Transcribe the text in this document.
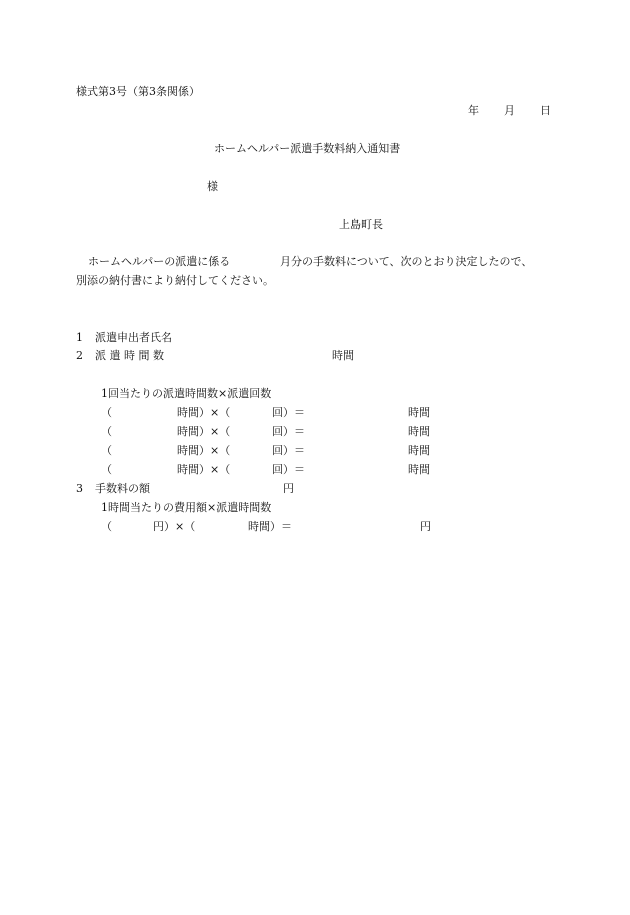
様式第3号（第3条関係）
年 月 日
ホームヘルパー派遣手数料納入通知書
様
上島町長
ホームヘルパーの派遣に係る	月分の手数料について、次のとおり決定したので、
別添の納付書により納付してください。
1 派遣申出者氏名
2 派 遣 時 間 数	時間
1回当たりの派遣時間数×派遣回数
（	時間）×（	回）＝	時間
（	時間）×（	回）＝	時間
（	時間）×（	回）＝	時間
（	時間）×（	回）＝	時間
3 手数料の額	円
1時間当たりの費用額×派遣時間数
（	円）×（	時間）＝	円
